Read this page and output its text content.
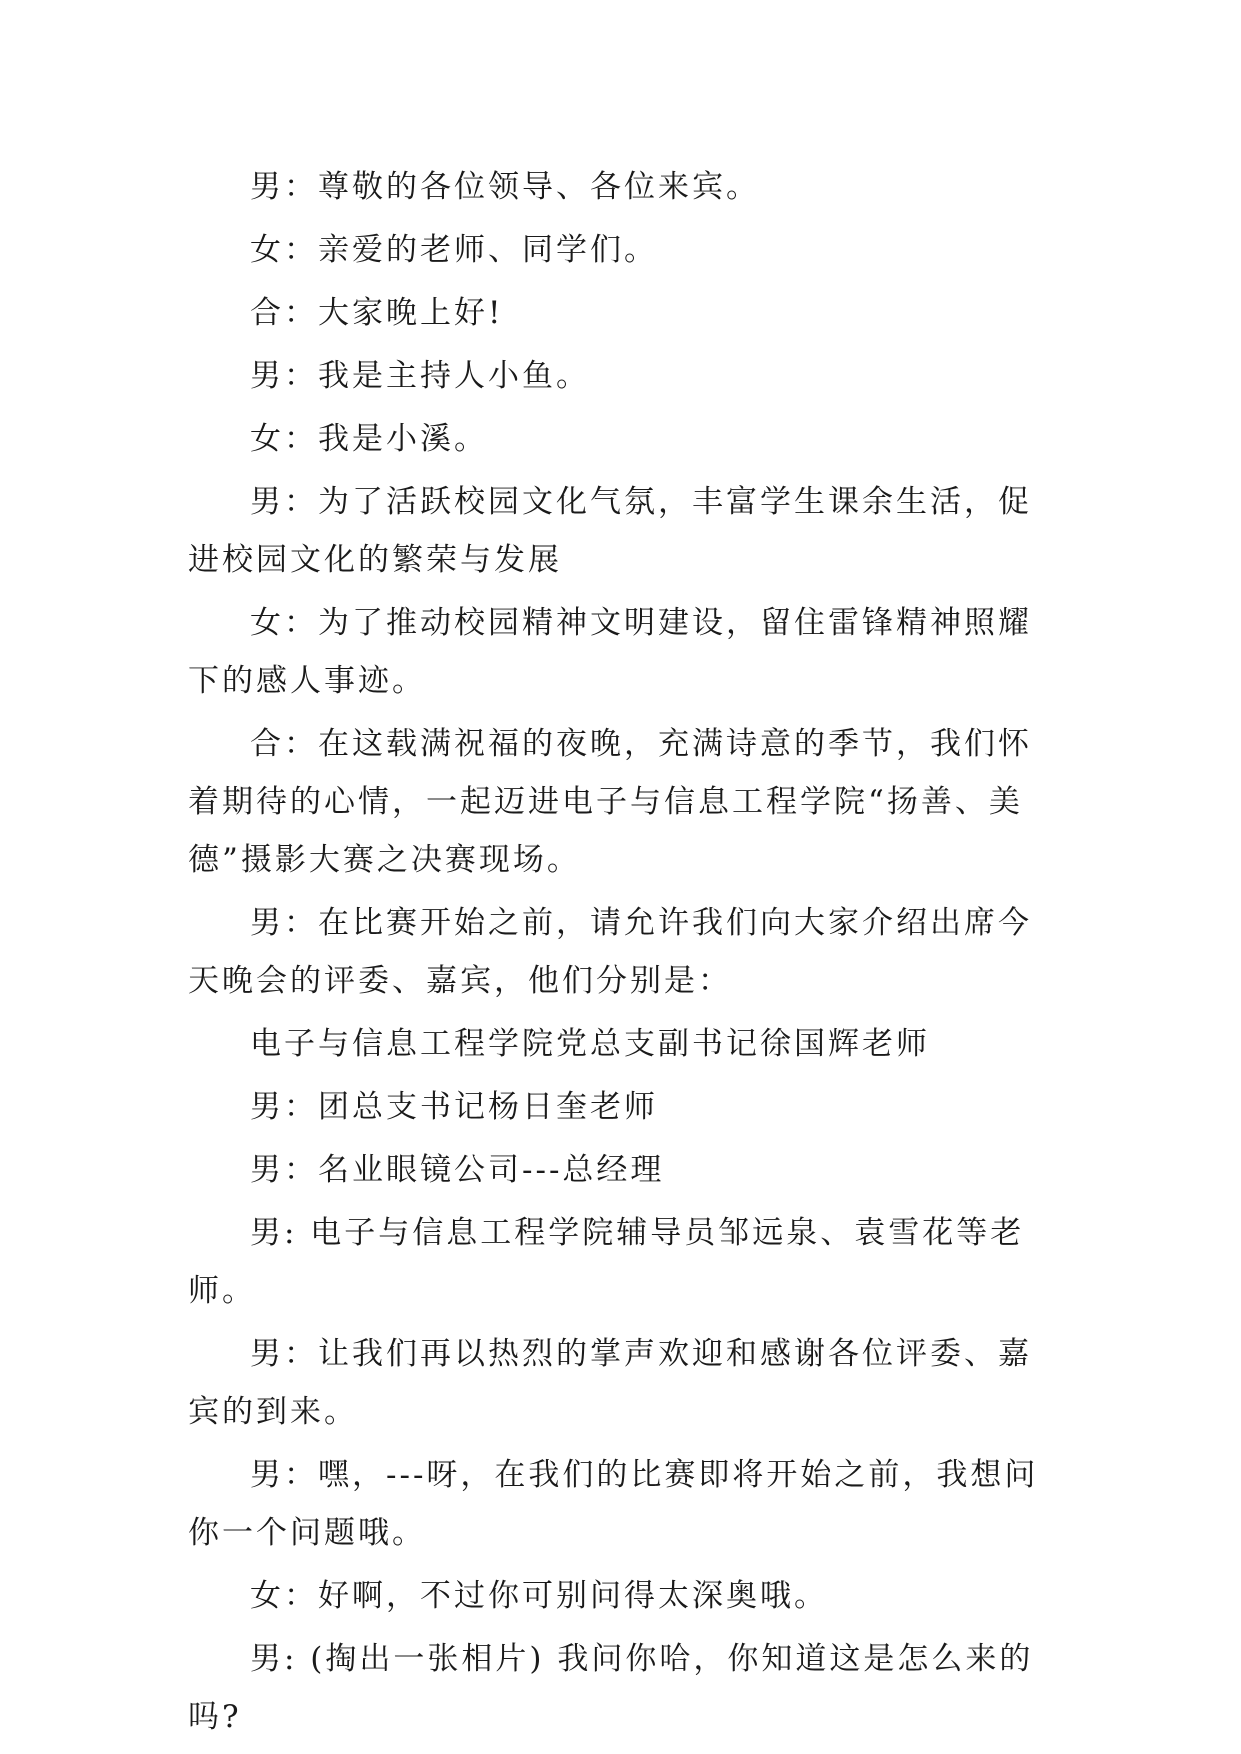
男：尊敬的各位领导、各位来宾。

女：亲爱的老师、同学们。

合：大家晚上好!

男：我是主持人小鱼。

女：我是小溪。

男：为了活跃校园文化气氛，丰富学生课余生活，促进校园文化的繁荣与发展

女：为了推动校园精神文明建设，留住雷锋精神照耀下的感人事迹。

合：在这载满祝福的夜晚，充满诗意的季节，我们怀着期待的心情，一起迈进电子与信息工程学院“扬善、美德”摄影大赛之决赛现场。

男：在比赛开始之前，请允许我们向大家介绍出席今天晚会的评委、嘉宾，他们分别是：

电子与信息工程学院党总支副书记徐国辉老师

男：团总支书记杨日奎老师

男：名业眼镜公司---总经理

男: 电子与信息工程学院辅导员邹远泉、袁雪花等老师。

男：让我们再以热烈的掌声欢迎和感谢各位评委、嘉宾的到来。

男：嘿，---呀，在我们的比赛即将开始之前，我想问你一个问题哦。

女：好啊，不过你可别问得太深奥哦。

男: (掏出一张相片) 我问你哈，你知道这是怎么来的吗?
